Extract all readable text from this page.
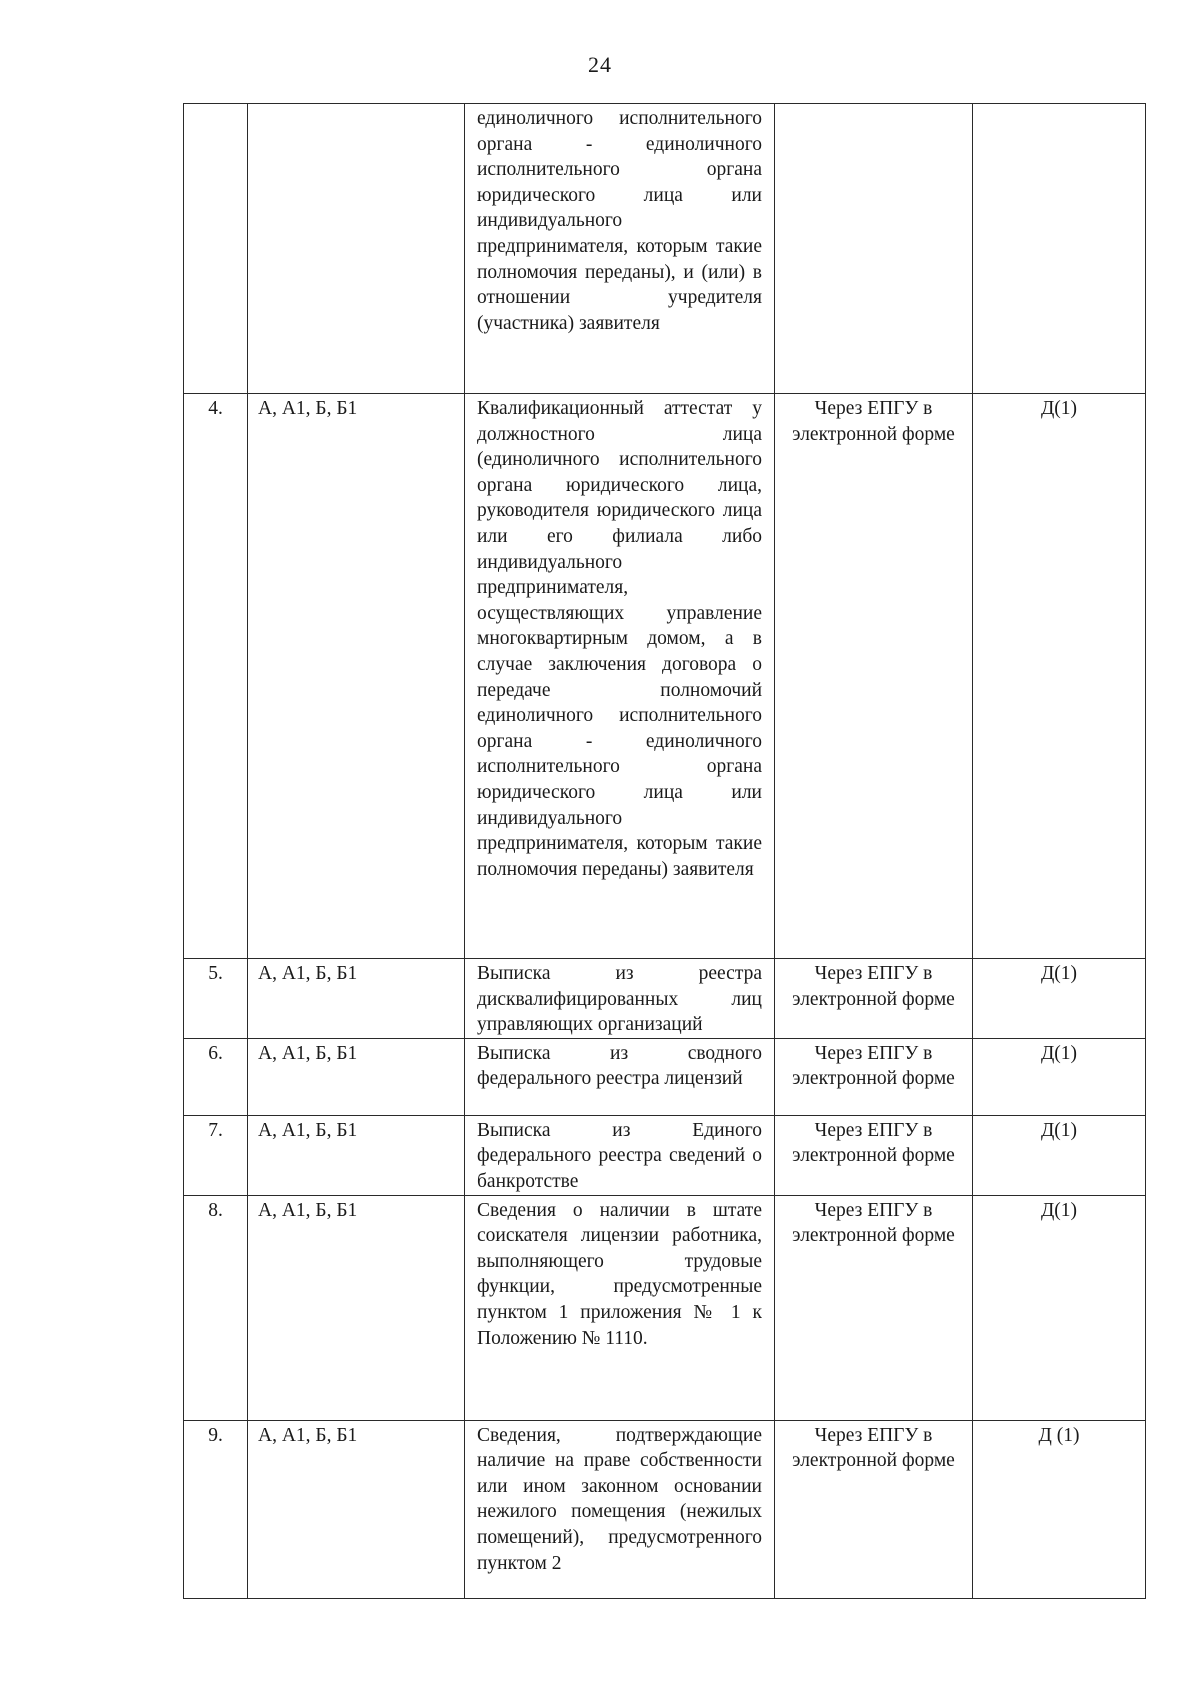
24
		единоличного исполнительного органа - единоличного исполнительного органа юридического лица или индивидуального предпринимателя, которым такие полномочия переданы), и (или) в отношении учредителя (участника) заявителя		
4.	А, А1, Б, Б1	Квалификационный аттестат у должностного лица (единоличного исполнительного органа юридического лица, руководителя юридического лица или его филиала либо индивидуального предпринимателя, осуществляющих управление многоквартирным домом, а в случае заключения договора о передаче полномочий единоличного исполнительного органа - единоличного исполнительного органа юридического лица или индивидуального предпринимателя, которым такие полномочия переданы) заявителя	Через ЕПГУ в электронной форме	Д(1)
5.	А, А1, Б, Б1	Выписка из реестра дисквалифицированных лиц управляющих организаций	Через ЕПГУ в электронной форме	Д(1)
6.	А, А1, Б, Б1	Выписка из сводного федерального реестра лицензий	Через ЕПГУ в электронной форме	Д(1)
7.	А, А1, Б, Б1	Выписка из Единого федерального реестра сведений о банкротстве	Через ЕПГУ в электронной форме	Д(1)
8.	А, А1, Б, Б1	Сведения о наличии в штате соискателя лицензии работника, выполняющего трудовые функции, предусмотренные пунктом 1 приложения № 1 к Положению № 1110.	Через ЕПГУ в электронной форме	Д(1)
9.	А, А1, Б, Б1	Сведения, подтверждающие наличие на праве собственности или ином законном основании нежилого помещения (нежилых помещений), предусмотренного пунктом 2	Через ЕПГУ в электронной форме	Д (1)
